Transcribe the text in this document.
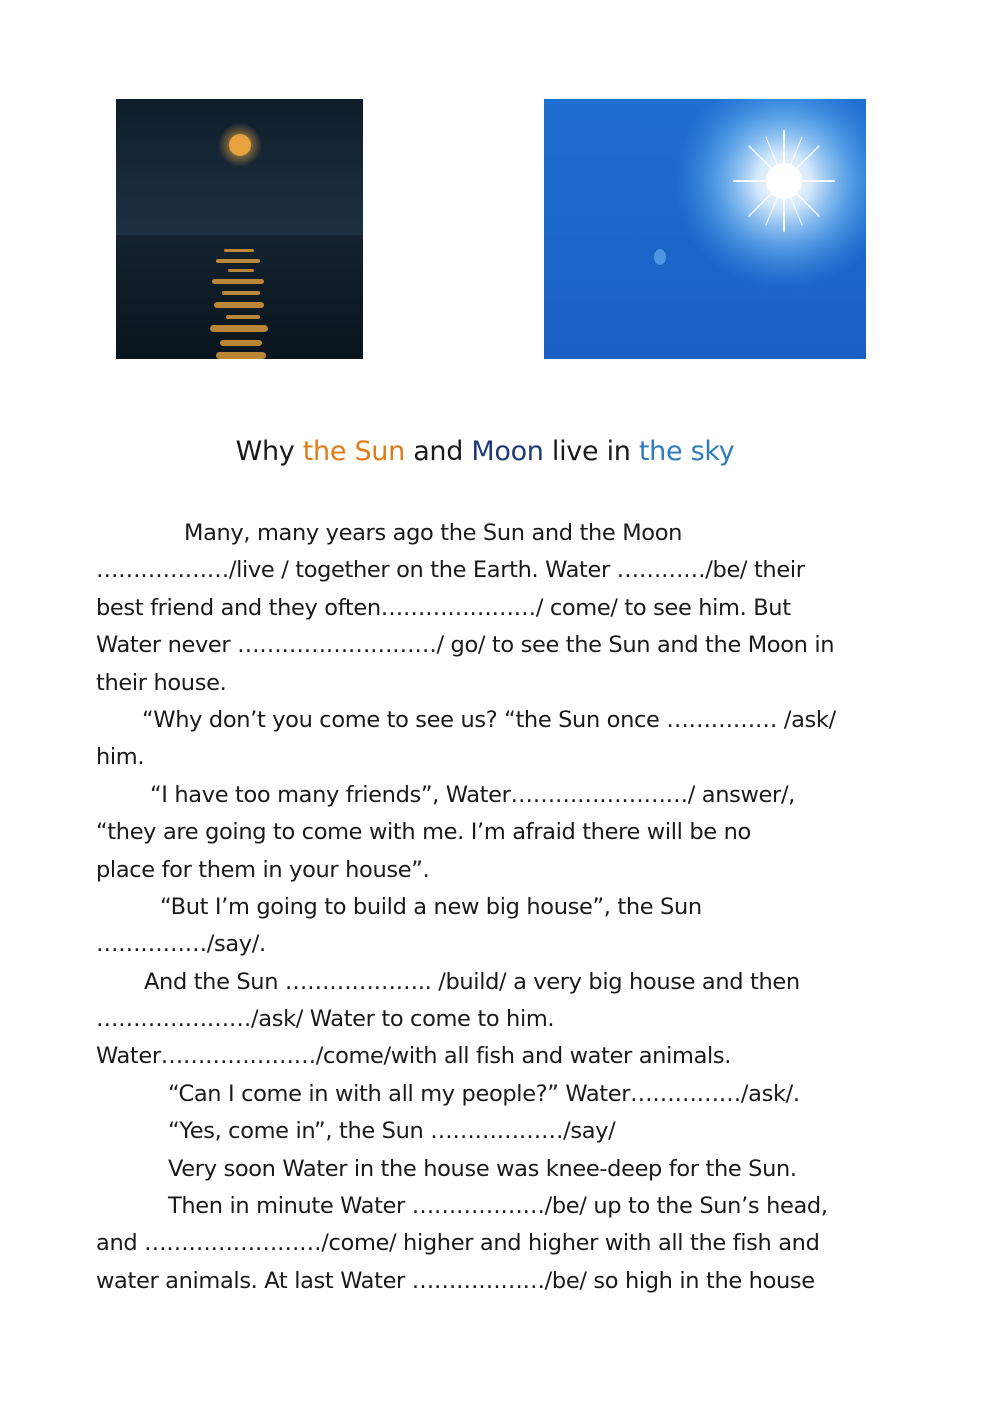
Why the Sun and Moon live in the sky
Many, many years ago the Sun and the Moon
………………/live / together on the Earth. Water …………/be/ their
best friend and they often…………………/ come/ to see him. But
Water never ………………………/ go/ to see the Sun and the Moon in
their house.
“Why don’t you come to see us? “the Sun once …………… /ask/
him.
“I have too many friends”, Water……………………/ answer/,
“they are going to come with me. I’m afraid there will be no
place for them in your house”.
“But I’m going to build a new big house”, the Sun
……………/say/.
And the Sun ……………….. /build/ a very big house and then
…………………/ask/ Water to come to him.
Water…………………/come/with all fish and water animals.
“Can I come in with all my people?” Water……………/ask/.
“Yes, come in”, the Sun ………………/say/
Very soon Water in the house was knee-deep for the Sun.
Then in minute Water ………………/be/ up to the Sun’s head,
and ……………………/come/ higher and higher with all the fish and
water animals. At last Water ………………/be/ so high in the house
